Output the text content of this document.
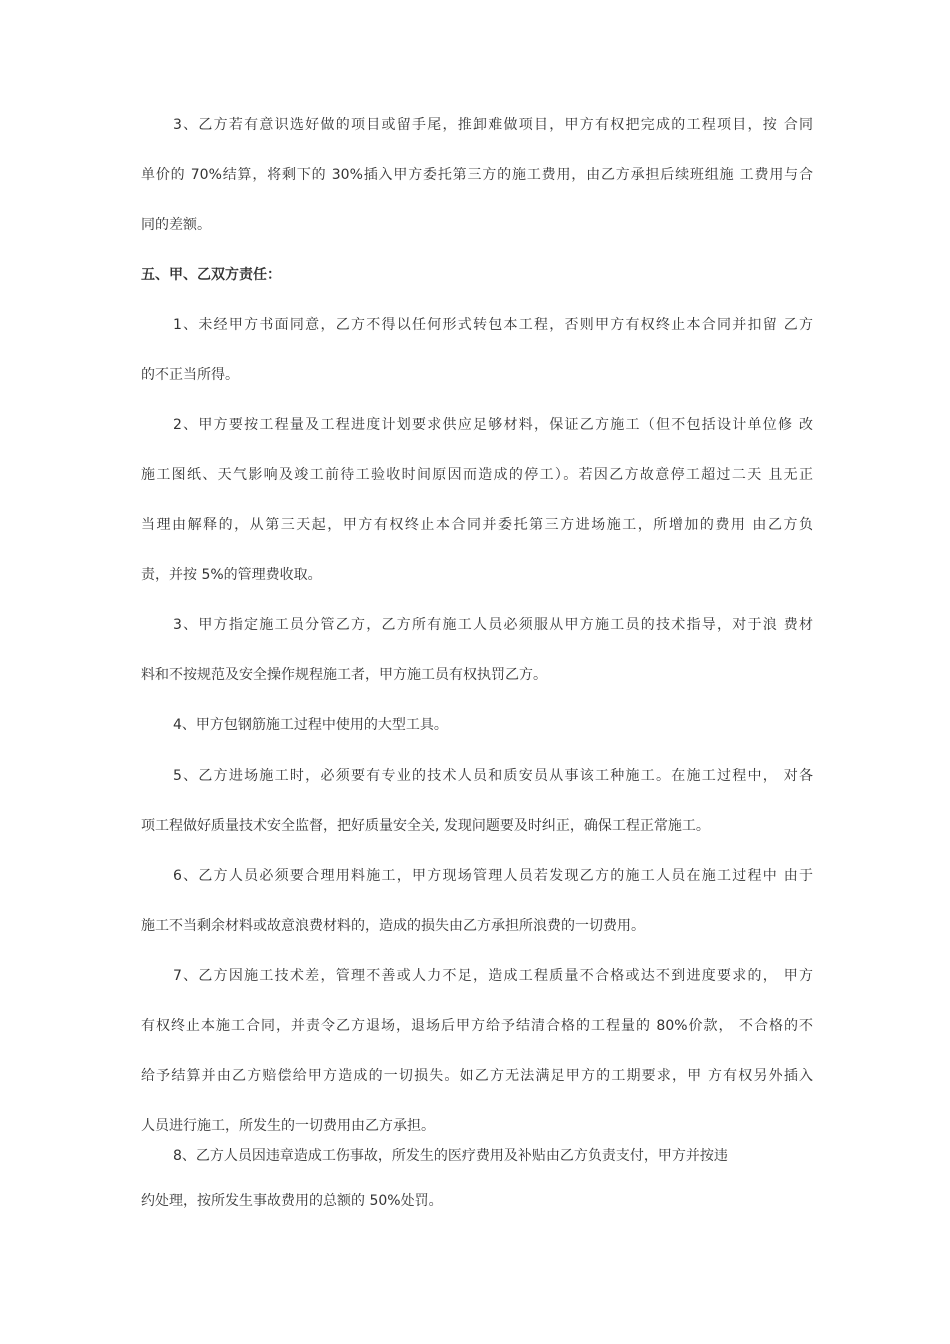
3、乙方若有意识选好做的项目或留手尾，推卸难做项目，甲方有权把完成的工程项目，按 合同
单价的 70%结算，将剩下的 30%插入甲方委托第三方的施工费用，由乙方承担后续班组施 工费用与合
同的差额。
五、甲、乙双方责任：
1、未经甲方书面同意，乙方不得以任何形式转包本工程，否则甲方有权终止本合同并扣留 乙方
的不正当所得。
2、甲方要按工程量及工程进度计划要求供应足够材料，保证乙方施工（但不包括设计单位修 改
施工图纸、天气影响及竣工前待工验收时间原因而造成的停工）。若因乙方故意停工超过二天 且无正
当理由解释的，从第三天起，甲方有权终止本合同并委托第三方进场施工，所增加的费用 由乙方负
责，并按 5%的管理费收取。
3、甲方指定施工员分管乙方，乙方所有施工人员必须服从甲方施工员的技术指导，对于浪 费材
料和不按规范及安全操作规程施工者，甲方施工员有权执罚乙方。
4、甲方包钢筋施工过程中使用的大型工具。
5、乙方进场施工时，必须要有专业的技术人员和质安员从事该工种施工。在施工过程中， 对各
项工程做好质量技术安全监督，把好质量安全关, 发现问题要及时纠正，确保工程正常施工。
6、乙方人员必须要合理用料施工，甲方现场管理人员若发现乙方的施工人员在施工过程中 由于
施工不当剩余材料或故意浪费材料的，造成的损失由乙方承担所浪费的一切费用。
7、乙方因施工技术差，管理不善或人力不足，造成工程质量不合格或达不到进度要求的， 甲方
有权终止本施工合同，并责令乙方退场，退场后甲方给予结清合格的工程量的 80%价款， 不合格的不
给予结算并由乙方赔偿给甲方造成的一切损失。如乙方无法满足甲方的工期要求，甲 方有权另外插入
人员进行施工，所发生的一切费用由乙方承担。
8、乙方人员因违章造成工伤事故，所发生的医疗费用及补贴由乙方负责支付，甲方并按违
约处理，按所发生事故费用的总额的 50%处罚。
